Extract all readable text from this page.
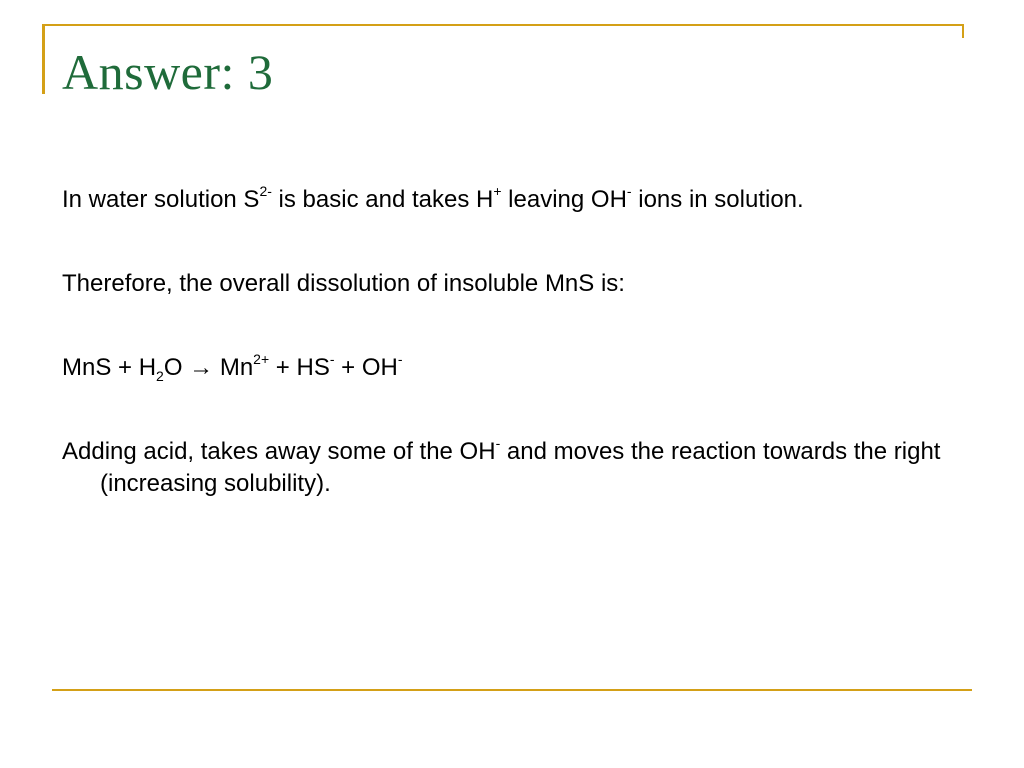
Answer: 3

In water solution $S^{2-}$ is basic and takes H+ leaving OH- ions in solution.

Therefore, the overall dissolution of insoluble MnS is:

MnS + $H_2O \to Mn^{2+} + HS^- + OH^-$

Adding acid, takes away some of the OH- and moves the reaction towards the right (increasing solubility).
